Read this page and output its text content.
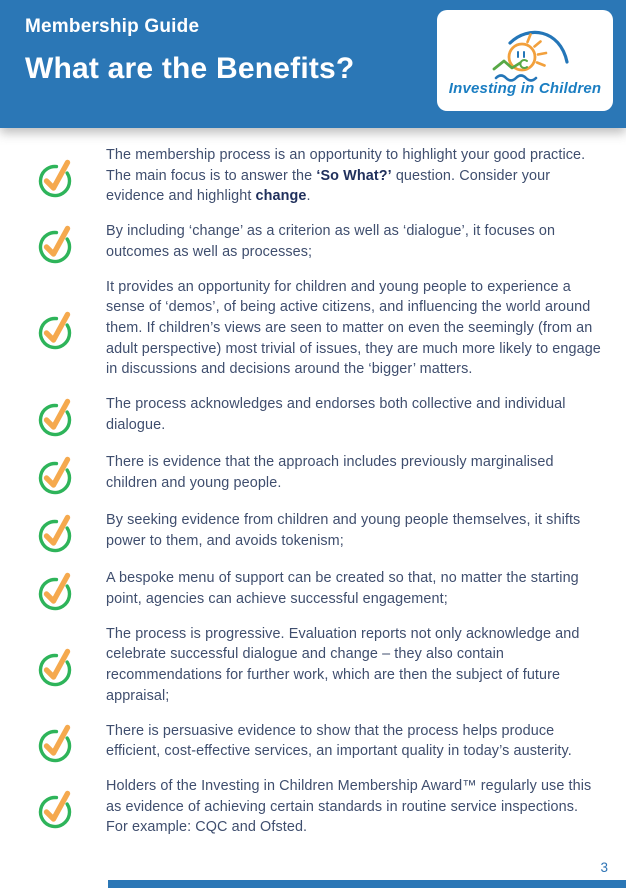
Membership Guide
What are the Benefits?
Investing in Children

The membership process is an opportunity to highlight your good practice. The main focus is to answer the ‘So What?’ question. Consider your evidence and highlight change.

By including ‘change’ as a criterion as well as ‘dialogue’, it focuses on outcomes as well as processes;

It provides an opportunity for children and young people to experience a sense of ‘demos’, of being active citizens, and influencing the world around them. If children’s views are seen to matter on even the seemingly (from an adult perspective) most trivial of issues, they are much more likely to engage in discussions and decisions around the ‘bigger’ matters.

The process acknowledges and endorses both collective and individual dialogue.

There is evidence that the approach includes previously marginalised children and young people.

By seeking evidence from children and young people themselves, it shifts power to them, and avoids tokenism;

A bespoke menu of support can be created so that, no matter the starting point, agencies can achieve successful engagement;

The process is progressive. Evaluation reports not only acknowledge and celebrate successful dialogue and change – they also contain recommendations for further work, which are then the subject of future appraisal;

There is persuasive evidence to show that the process helps produce efficient, cost-effective services, an important quality in today’s austerity.

Holders of the Investing in Children Membership Award™ regularly use this as evidence of achieving certain standards in routine service inspections. For example: CQC and Ofsted.

3
